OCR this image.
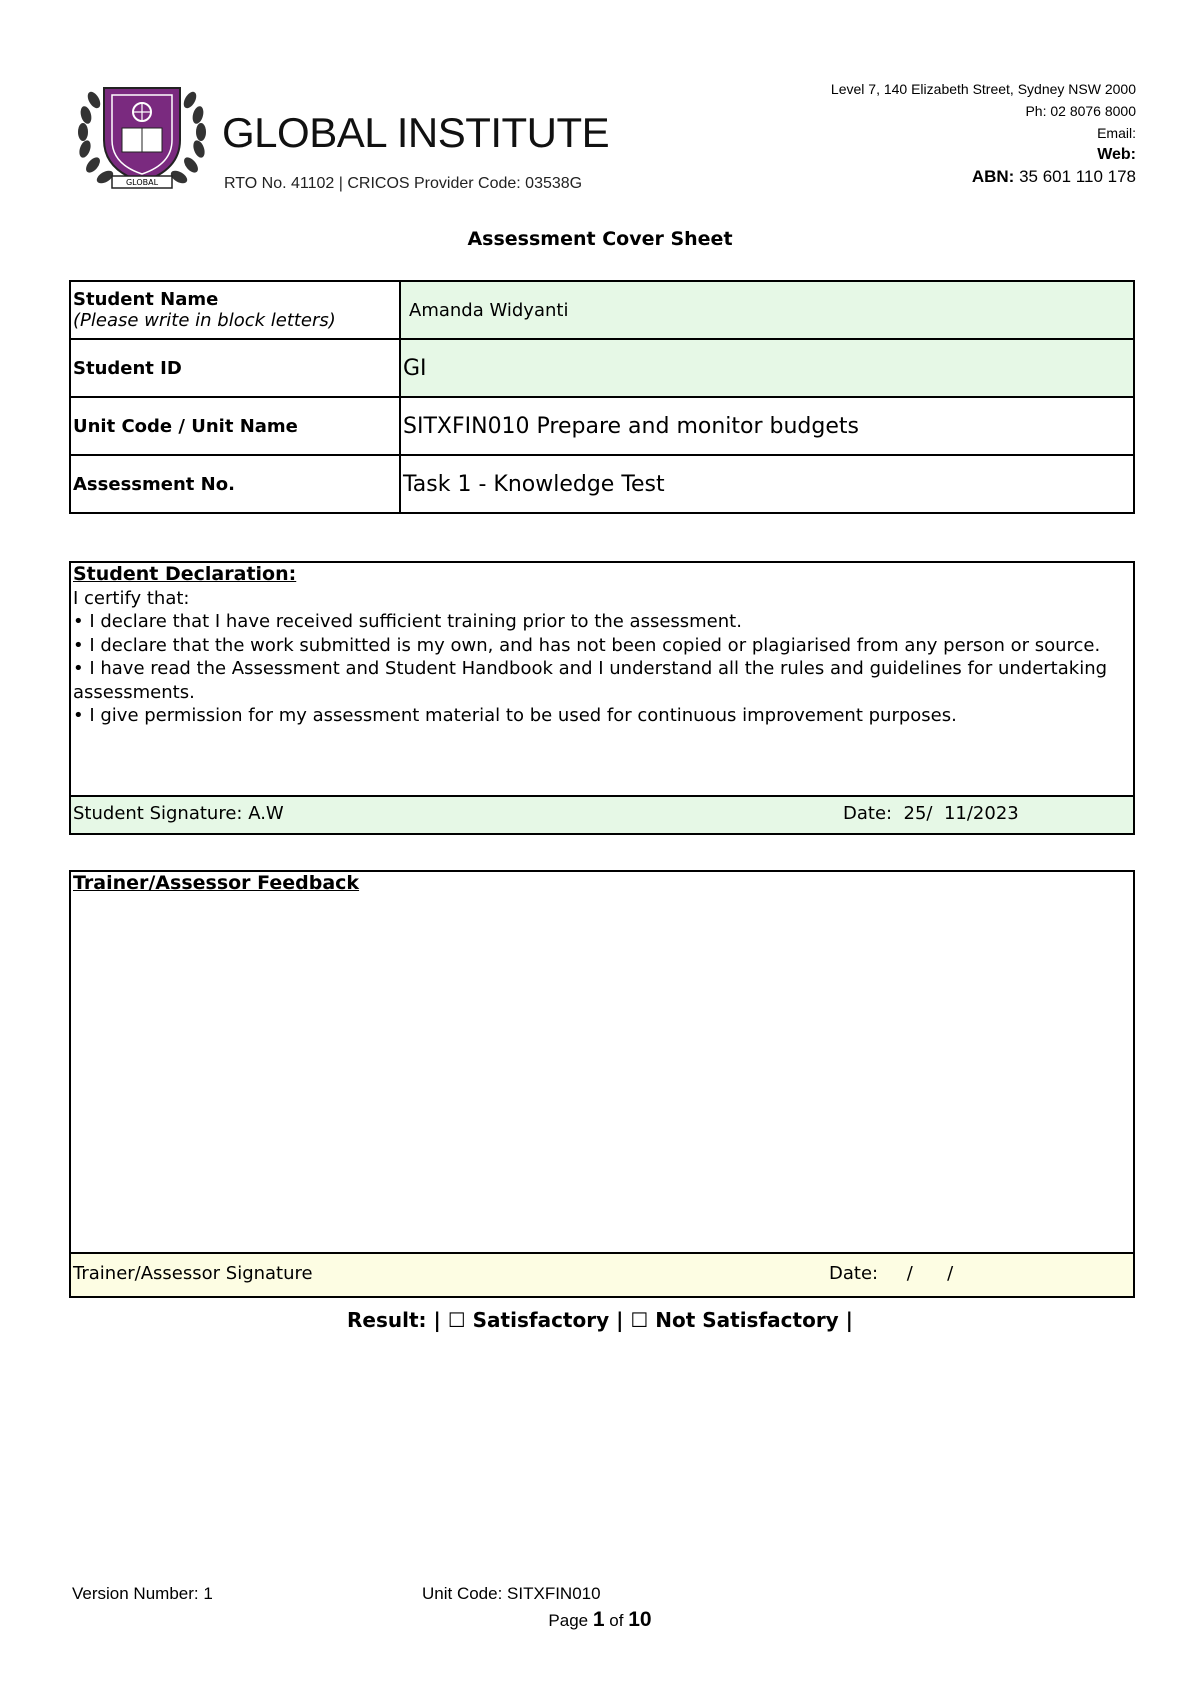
GLOBAL
GLOBAL INSTITUTE
RTO No. 41102 | CRICOS Provider Code: 03538G
Level 7, 140 Elizabeth Street, Sydney NSW 2000
Ph: 02 8076 8000
Email:
Web:
ABN: 35 601 110 178
Assessment Cover Sheet
Student Name
(Please write in block letters)	Amanda Widyanti
Student ID	GI
Unit Code / Unit Name	SITXFIN010 Prepare and monitor budgets
Assessment No.	Task 1 - Knowledge Test
Student Declaration:
I certify that:
• I declare that I have received sufficient training prior to the assessment.
• I declare that the work submitted is my own, and has not been copied or plagiarised from any person or source.
• I have read the Assessment and Student Handbook and I understand all the rules and guidelines for undertaking assessments.
• I give permission for my assessment material to be used for continuous improvement purposes.
Student Signature: A.W	Date:  25/  11/2023
Trainer/Assessor Feedback
Trainer/Assessor Signature	Date:     /      /
Result: | ☐ Satisfactory | ☐ Not Satisfactory |
Version Number: 1	Unit Code: SITXFIN010
Page 1 of 10
